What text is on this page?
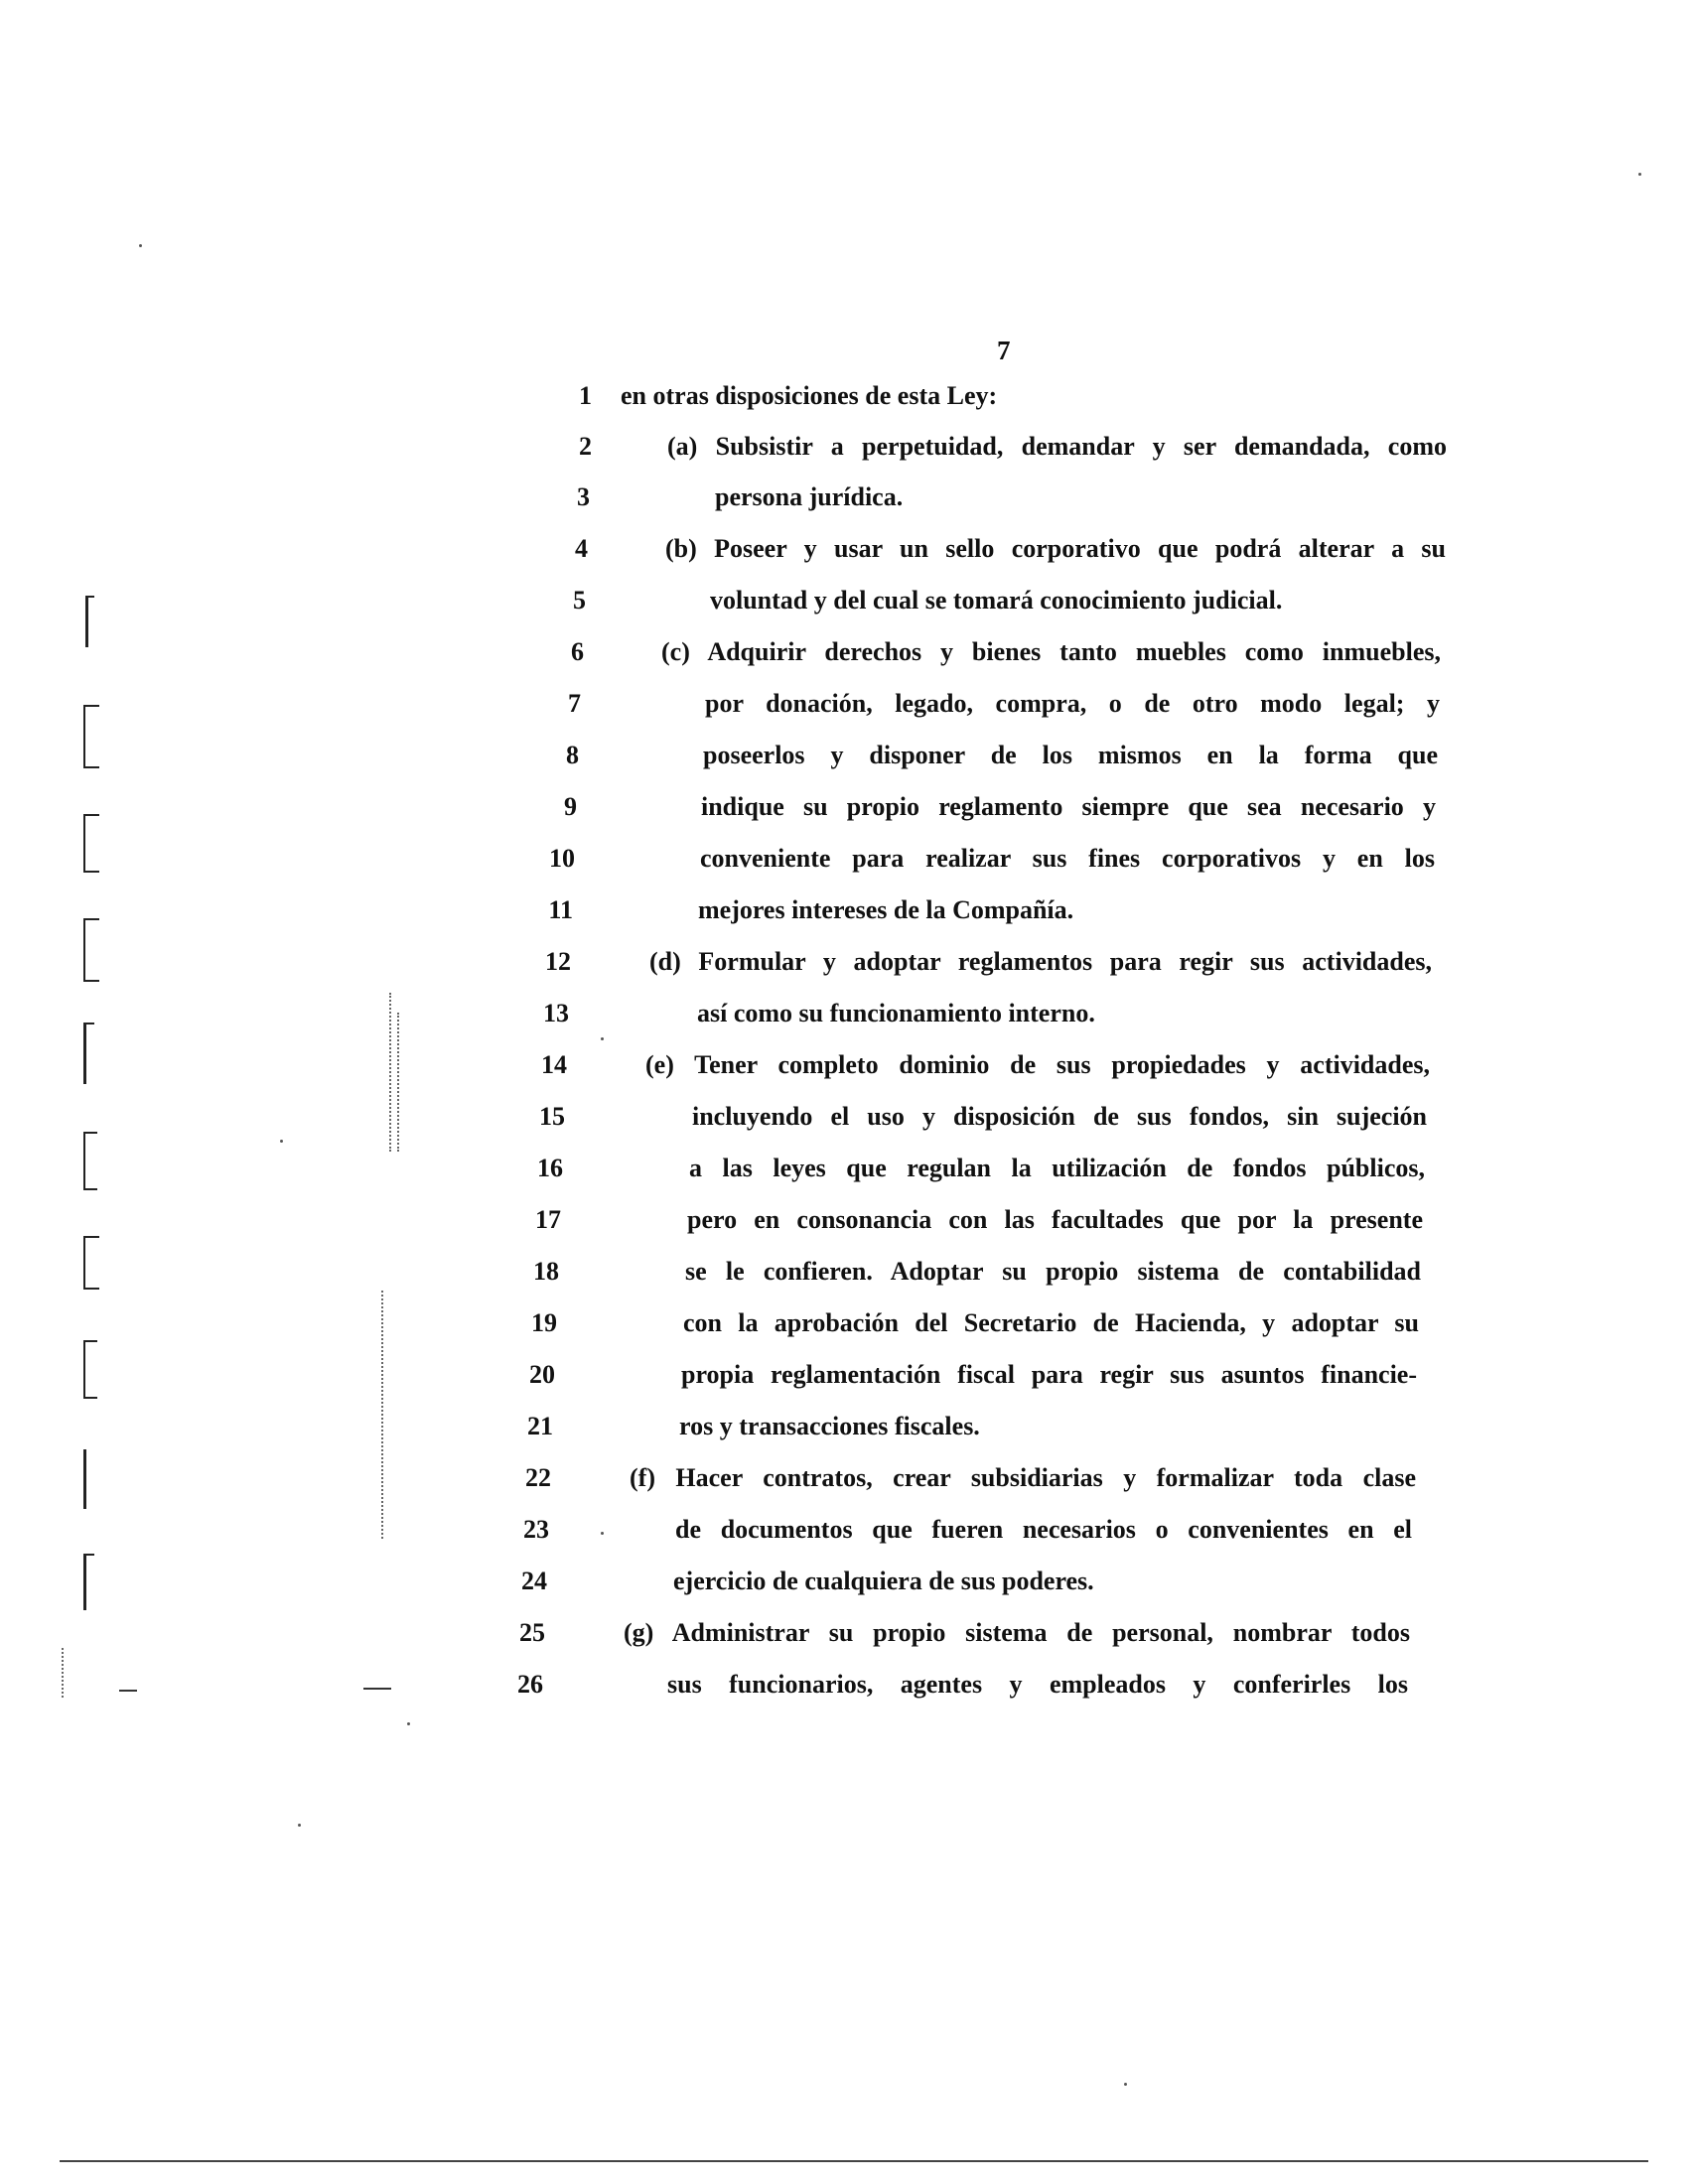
7
1 en otras disposiciones de esta Ley:
2	(a) Subsistir a perpetuidad, demandar y ser demandada, como
3	persona jurídica.
4	(b) Poseer y usar un sello corporativo que podrá alterar a su
5	voluntad y del cual se tomará conocimiento judicial.
6	(c) Adquirir derechos y bienes tanto muebles como inmuebles,
7	por donación, legado, compra, o de otro modo legal; y
8	poseerlos y disponer de los mismos en la forma que
9	indique su propio reglamento siempre que sea necesario y
10	conveniente para realizar sus fines corporativos y en los
11	mejores intereses de la Compañía.
12	(d) Formular y adoptar reglamentos para regir sus actividades,
13	así como su funcionamiento interno.
14	(e) Tener completo dominio de sus propiedades y actividades,
15	incluyendo el uso y disposición de sus fondos, sin sujeción
16	a las leyes que regulan la utilización de fondos públicos,
17	pero en consonancia con las facultades que por la presente
18	se le confieren. Adoptar su propio sistema de contabilidad
19	con la aprobación del Secretario de Hacienda, y adoptar su
20	propia reglamentación fiscal para regir sus asuntos financie-
21	ros y transacciones fiscales.
22	(f) Hacer contratos, crear subsidiarias y formalizar toda clase
23	de documentos que fueren necesarios o convenientes en el
24	ejercicio de cualquiera de sus poderes.
25	(g) Administrar su propio sistema de personal, nombrar todos
26	sus funcionarios, agentes y empleados y conferirles los
